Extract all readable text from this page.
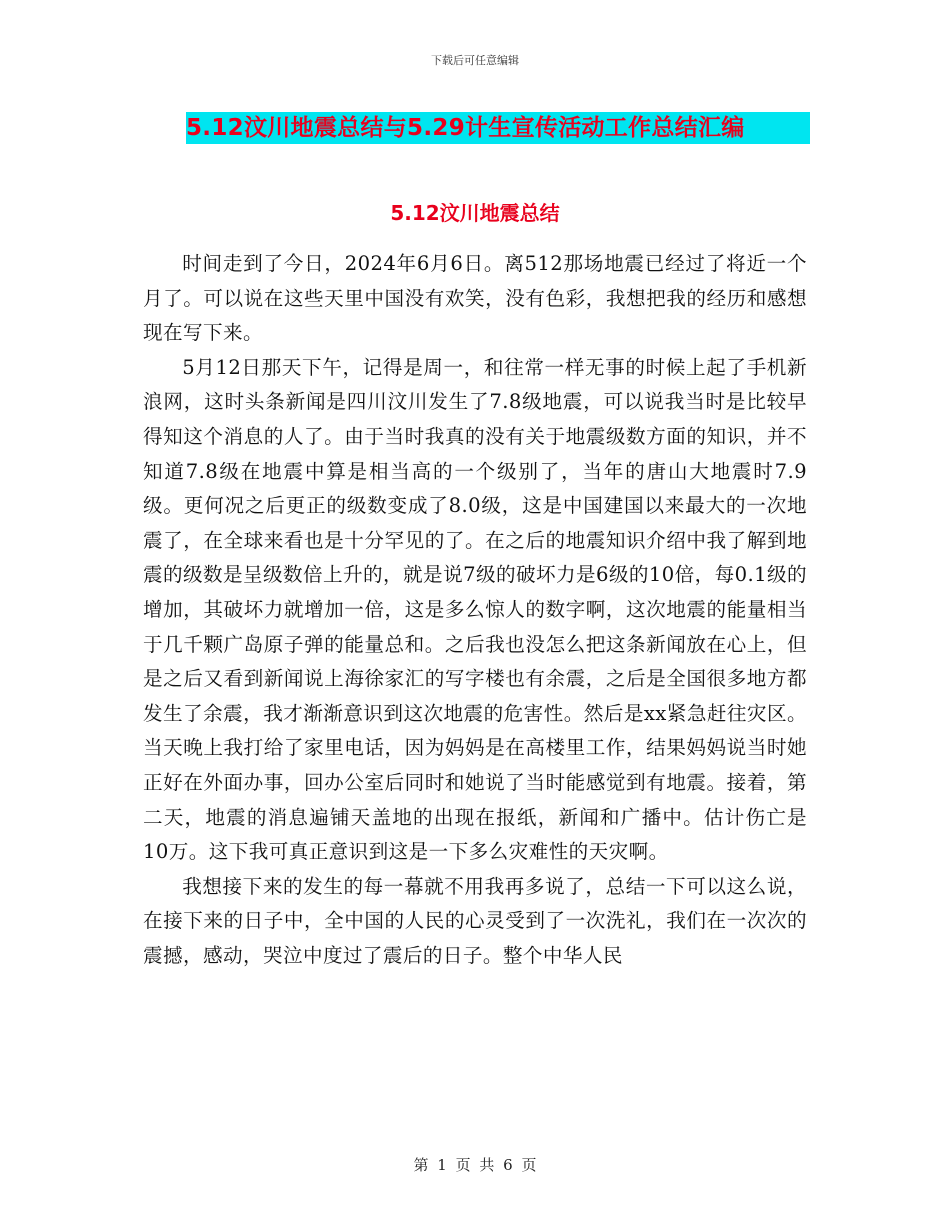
下载后可任意编辑
5.12汶川地震总结与5.29计生宣传活动工作总结汇编
5.12汶川地震总结

时间走到了今日，2024年6月6日。离512那场地震已经过了将近一个月了。可以说在这些天里中国没有欢笑，没有色彩，我想把我的经历和感想现在写下来。

5月12日那天下午，记得是周一，和往常一样无事的时候上起了手机新浪网，这时头条新闻是四川汶川发生了7.8级地震，可以说我当时是比较早得知这个消息的人了。由于当时我真的没有关于地震级数方面的知识，并不知道7.8级在地震中算是相当高的一个级别了，当年的唐山大地震时7.9级。更何况之后更正的级数变成了8.0级，这是中国建国以来最大的一次地震了，在全球来看也是十分罕见的了。在之后的地震知识介绍中我了解到地震的级数是呈级数倍上升的，就是说7级的破坏力是6级的10倍，每0.1级的增加，其破坏力就增加一倍，这是多么惊人的数字啊，这次地震的能量相当于几千颗广岛原子弹的能量总和。之后我也没怎么把这条新闻放在心上，但是之后又看到新闻说上海徐家汇的写字楼也有余震，之后是全国很多地方都发生了余震，我才渐渐意识到这次地震的危害性。然后是xx紧急赶往灾区。当天晚上我打给了家里电话，因为妈妈是在高楼里工作，结果妈妈说当时她正好在外面办事，回办公室后同时和她说了当时能感觉到有地震。接着，第二天，地震的消息遍铺天盖地的出现在报纸，新闻和广播中。估计伤亡是10万。这下我可真正意识到这是一下多么灾难性的天灾啊。

我想接下来的发生的每一幕就不用我再多说了，总结一下可以这么说，在接下来的日子中，全中国的人民的心灵受到了一次洗礼，我们在一次次的震撼，感动，哭泣中度过了震后的日子。整个中华人民

第 1 页 共 6 页
